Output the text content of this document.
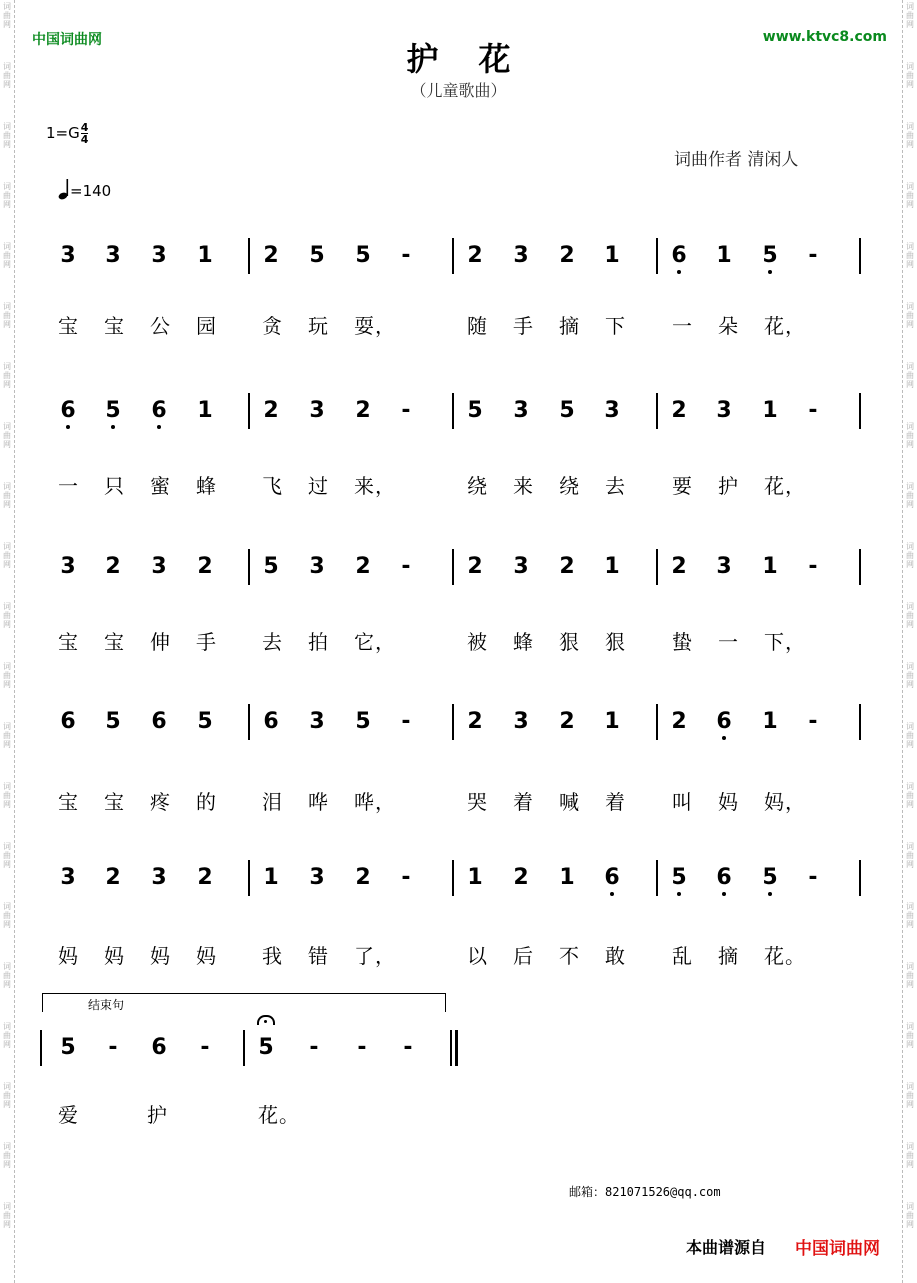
词
曲
网
词
曲
网
词
曲
网
词
曲
网
词
曲
网
词
曲
网
词
曲
网
词
曲
网
词
曲
网
词
曲
网
词
曲
网
词
曲
网
词
曲
网
词
曲
网
词
曲
网
词
曲
网
词
曲
网
词
曲
网
词
曲
网
词
曲
网
词
曲
网
词
曲
网
词
曲
网
词
曲
网
词
曲
网
词
曲
网
词
曲
网
词
曲
网
词
曲
网
词
曲
网
词
曲
网
词
曲
网
词
曲
网
词
曲
网
词
曲
网
词
曲
网
词
曲
网
词
曲
网
词
曲
网
词
曲
网
词
曲
网
词
曲
网
中国词曲网	www.ktvc8.com
护花
（儿童歌曲）
$1=G\frac{4}{4}$
=140
词曲作者 清闲人
3	3	3	1	2	5	5	-	2	3	2	1	6	1	5	-
宝 宝 公 园 贪 玩 耍，	随 手 摘 下 一 朵 花，
6	5	6	1	2	3	2	-	5	3	5	3	2	3	1	-
一 只 蜜 蜂 飞 过 来，	绕 来 绕 去 要 护 花，
3	2	3	2	5	3	2	-	2	3	2	1	2	3	1	-
宝 宝 伸 手 去 拍 它，	被 蜂 狠 狠 蛰 一 下，
6	5	6	5	6	3	5	-	2	3	2	1	2	6	1	-
宝 宝 疼 的 泪 哗 哗，	哭 着 喊 着 叫 妈 妈，
3	2	3	2	1	3	2	-	1	2	1	6	5	6	5	-
妈 妈 妈 妈 我 错 了，	以 后 不 敢 乱 摘 花。
结束句
5	-	6	-	5	-	-	-
爱	护	花。
邮箱：821071526@qq.com
本曲谱源自 中国词曲网
